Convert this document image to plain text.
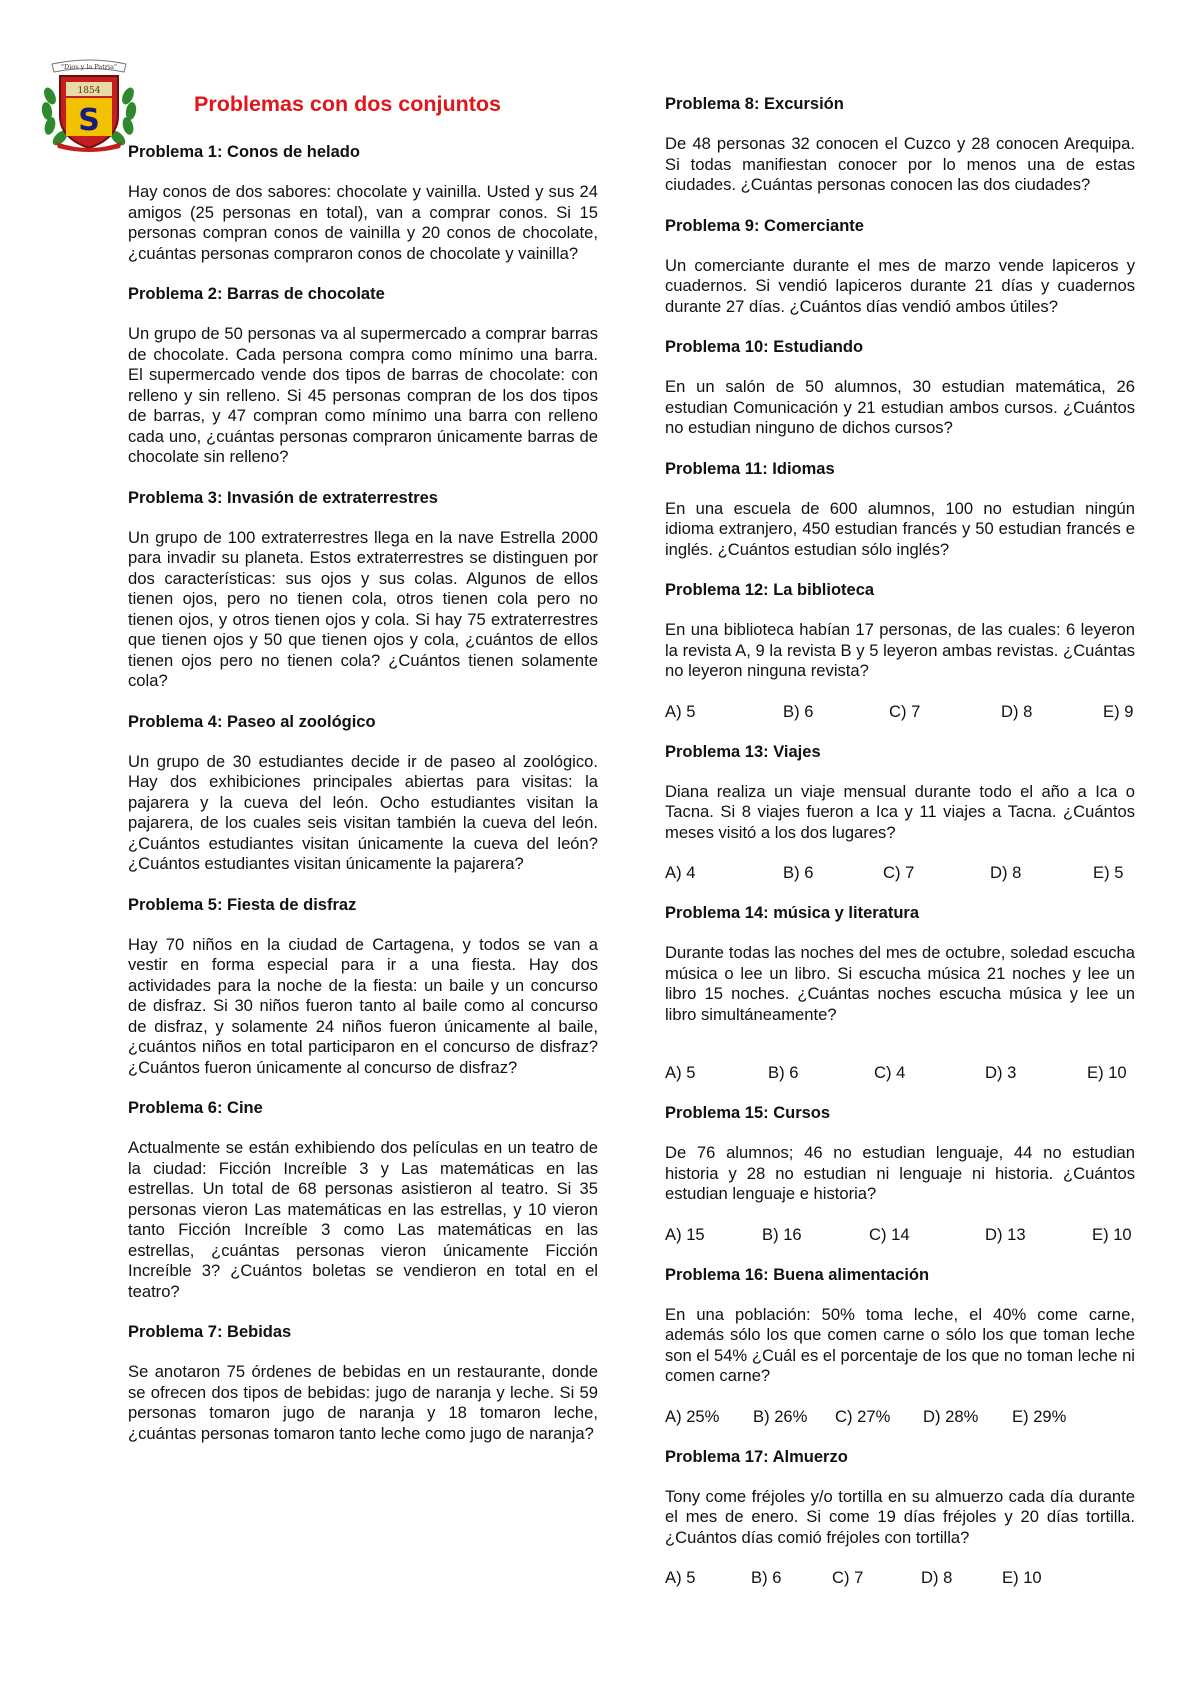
1854
S
"Dios y la Patria"
Problemas con dos conjuntos

Problema 1: Conos de helado

Hay conos de dos sabores: chocolate y vainilla. Usted y sus 24 amigos (25 personas en total), van a comprar conos. Si 15 personas compran conos de vainilla y 20 conos de chocolate, ¿cuántas personas compraron conos de chocolate y vainilla?

Problema 2: Barras de chocolate

Un grupo de 50 personas va al supermercado a comprar barras de chocolate. Cada persona compra como mínimo una barra. El supermercado vende dos tipos de barras de chocolate: con relleno y sin relleno. Si 45 personas compran de los dos tipos de barras, y 47 compran como mínimo una barra con relleno cada uno, ¿cuántas personas compraron únicamente barras de chocolate sin relleno?

Problema 3: Invasión de extraterrestres

Un grupo de 100 extraterrestres llega en la nave Estrella 2000 para invadir su planeta. Estos extraterrestres se distinguen por dos características: sus ojos y sus colas. Algunos de ellos tienen ojos, pero no tienen cola, otros tienen cola pero no tienen ojos, y otros tienen ojos y cola. Si hay 75 extraterrestres que tienen ojos y 50 que tienen ojos y cola, ¿cuántos de ellos tienen ojos pero no tienen cola? ¿Cuántos tienen solamente cola?

Problema 4: Paseo al zoológico

Un grupo de 30 estudiantes decide ir de paseo al zoológico. Hay dos exhibiciones principales abiertas para visitas: la pajarera y la cueva del león. Ocho estudiantes visitan la pajarera, de los cuales seis visitan también la cueva del león. ¿Cuántos estudiantes visitan únicamente la cueva del león? ¿Cuántos estudiantes visitan únicamente la pajarera?

Problema 5: Fiesta de disfraz

Hay 70 niños en la ciudad de Cartagena, y todos se van a vestir en forma especial para ir a una fiesta. Hay dos actividades para la noche de la fiesta: un baile y un concurso de disfraz. Si 30 niños fueron tanto al baile como al concurso de disfraz, y solamente 24 niños fueron únicamente al baile, ¿cuántos niños en total participaron en el concurso de disfraz? ¿Cuántos fueron únicamente al concurso de disfraz?

Problema 6: Cine

Actualmente se están exhibiendo dos películas en un teatro de la ciudad: Ficción Increíble 3 y Las matemáticas en las estrellas. Un total de 68 personas asistieron al teatro. Si 35 personas vieron Las matemáticas en las estrellas, y 10 vieron tanto Ficción Increíble 3 como Las matemáticas en las estrellas, ¿cuántas personas vieron únicamente Ficción Increíble 3? ¿Cuántos boletas se vendieron en total en el teatro?

Problema 7: Bebidas

Se anotaron 75 órdenes de bebidas en un restaurante, donde se ofrecen dos tipos de bebidas: jugo de naranja y leche. Si 59 personas tomaron jugo de naranja y 18 tomaron leche, ¿cuántas personas tomaron tanto leche como jugo de naranja?

Problema 8: Excursión

De 48 personas 32 conocen el Cuzco y 28 conocen Arequipa. Si todas manifiestan conocer por lo menos una de estas ciudades. ¿Cuántas personas conocen las dos ciudades?

Problema 9: Comerciante

Un comerciante durante el mes de marzo vende lapiceros y cuadernos. Si vendió lapiceros durante 21 días y cuadernos durante 27 días. ¿Cuántos días vendió ambos útiles?

Problema 10: Estudiando

En un salón de 50 alumnos, 30 estudian matemática, 26 estudian Comunicación y 21 estudian ambos cursos. ¿Cuántos no estudian ninguno de dichos cursos?

Problema 11: Idiomas

En una escuela de 600 alumnos, 100 no estudian ningún idioma extranjero, 450 estudian francés y 50 estudian francés e inglés. ¿Cuántos estudian sólo inglés?

Problema 12: La biblioteca

En una biblioteca habían 17 personas, de las cuales: 6 leyeron la revista A, 9 la revista B y 5 leyeron ambas revistas. ¿Cuántas no leyeron ninguna revista?

A) 5	B) 6	C) 7	D) 8	E) 9

Problema 13: Viajes

Diana realiza un viaje mensual durante todo el año a Ica o Tacna. Si 8 viajes fueron a Ica y 11 viajes a Tacna. ¿Cuántos meses visitó a los dos lugares?

A) 4	B) 6	C) 7	D) 8	E) 5

Problema 14: música y literatura

Durante todas las noches del mes de octubre, soledad escucha música o lee un libro. Si escucha música 21 noches y lee un libro 15 noches. ¿Cuántas noches escucha música y lee un libro simultáneamente?

A) 5	B) 6	C) 4	D) 3	E) 10

Problema 15: Cursos

De 76 alumnos; 46 no estudian lenguaje, 44 no estudian historia y 28 no estudian ni lenguaje ni historia. ¿Cuántos estudian lenguaje e historia?

A) 15	B) 16	C) 14	D) 13	E) 10

Problema 16: Buena alimentación

En una población: 50% toma leche, el 40% come carne, además sólo los que comen carne o sólo los que toman leche son el 54% ¿Cuál es el porcentaje de los que no toman leche ni comen carne?

A) 25%	B) 26%	C) 27%	D) 28%	E) 29%

Problema 17: Almuerzo

Tony come fréjoles y/o tortilla en su almuerzo cada día durante el mes de enero. Si come 19 días fréjoles y 20 días tortilla. ¿Cuántos días comió fréjoles con tortilla?

A) 5	B) 6	C) 7	D) 8	E) 10
